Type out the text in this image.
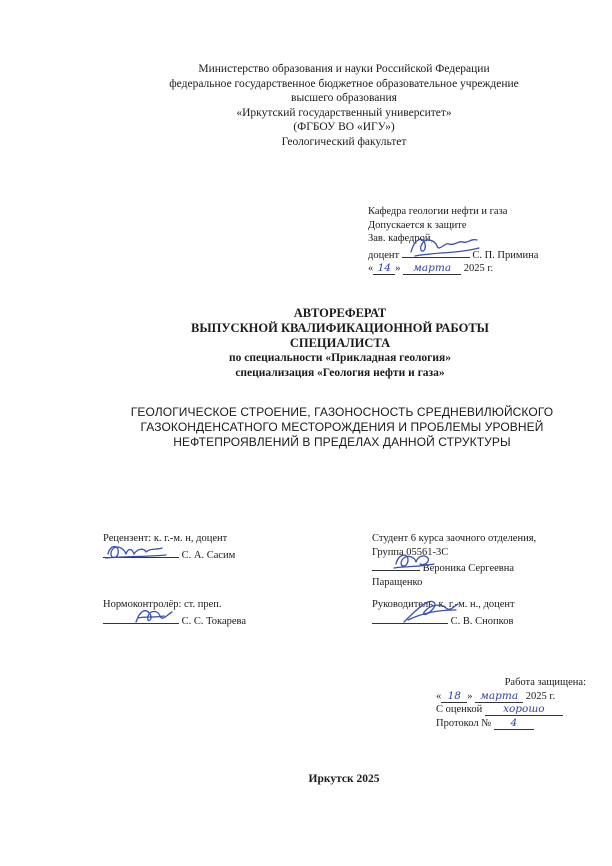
Министерство образования и науки Российской Федерации
федеральное государственное бюджетное образовательное учреждение
высшего образования
«Иркутский государственный университет»
(ФГБОУ ВО «ИГУ»)
Геологический факультет
Кафедра геологии нефти и газа
Допускается к защите
Зав. кафедрой,
доцент	С. П. Примина
« 14 » марта 2025 г.
АВТОРЕФЕРАТ
ВЫПУСКНОЙ КВАЛИФИКАЦИОННОЙ РАБОТЫ
СПЕЦИАЛИСТА
по специальности «Прикладная геология»
специализация «Геология нефти и газа»
ГЕОЛОГИЧЕСКОЕ СТРОЕНИЕ, ГАЗОНОСНОСТЬ СРЕДНЕВИЛЮЙСКОГО
ГАЗОКОНДЕНСАТНОГО МЕСТОРОЖДЕНИЯ И ПРОБЛЕМЫ УРОВНЕЙ
НЕФТЕПРОЯВЛЕНИЙ В ПРЕДЕЛАХ ДАННОЙ СТРУКТУРЫ
Рецензент: к. г.-м. н, доцент
С. А. Сасим
Студент 6 курса заочного отделения,
Группа 05561-3С
Вероника Сергеевна
Паращенко
Нормоконтролёр: ст. преп.
С. С. Токарева
Руководитель: к. г.-м. н., доцент
С. В. Снопков
Работа защищена:
« 18 » марта 2025 г.
С оценкой хорошо
Протокол № 4
Иркутск 2025
